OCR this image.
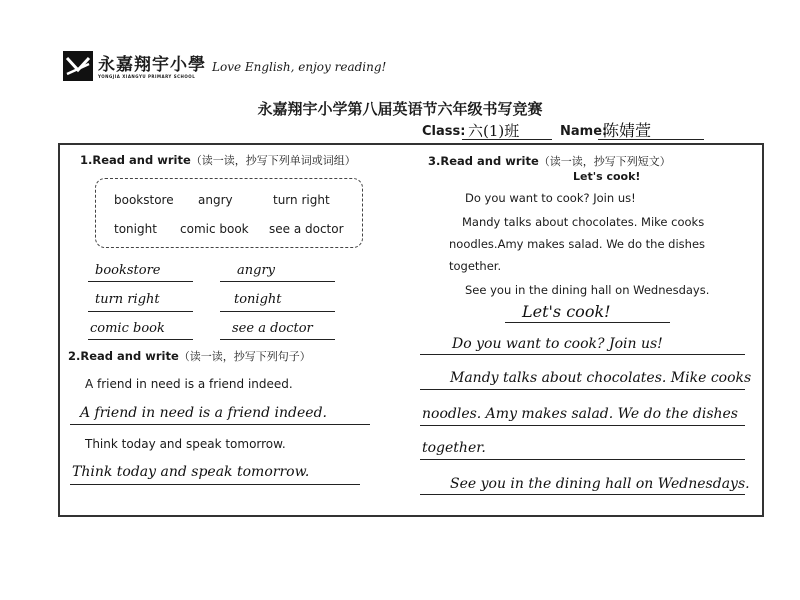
永嘉翔宇小學
YONGJIA XIANGYU PRIMARY SCHOOL
Love English, enjoy reading!
永嘉翔宇小学第八届英语节六年级书写竞赛
Class: 六(1)班	Name:
陈婧萱
1.Read and write（读一读，抄写下列单词或词组）
bookstore angry	turn right
tonight comic book see a doctor
bookstore	angry
turn right	tonight
comic book	see a doctor
2.Read and write（读一读，抄写下列句子）
A friend in need is a friend indeed.
A friend in need is a friend indeed.
Think today and speak tomorrow.
Think today and speak tomorrow.
3.Read and write（读一读，抄写下列短文）
Let's cook!
Do you want to cook? Join us!
Mandy talks about chocolates. Mike cooks
noodles.Amy makes salad. We do the dishes
together.
See you in the dining hall on Wednesdays.
Let's cook!
Do you want to cook? Join us!
Mandy talks about chocolates. Mike cooks
noodles. Amy makes salad. We do the dishes
together.
See you in the dining hall on Wednesdays.
